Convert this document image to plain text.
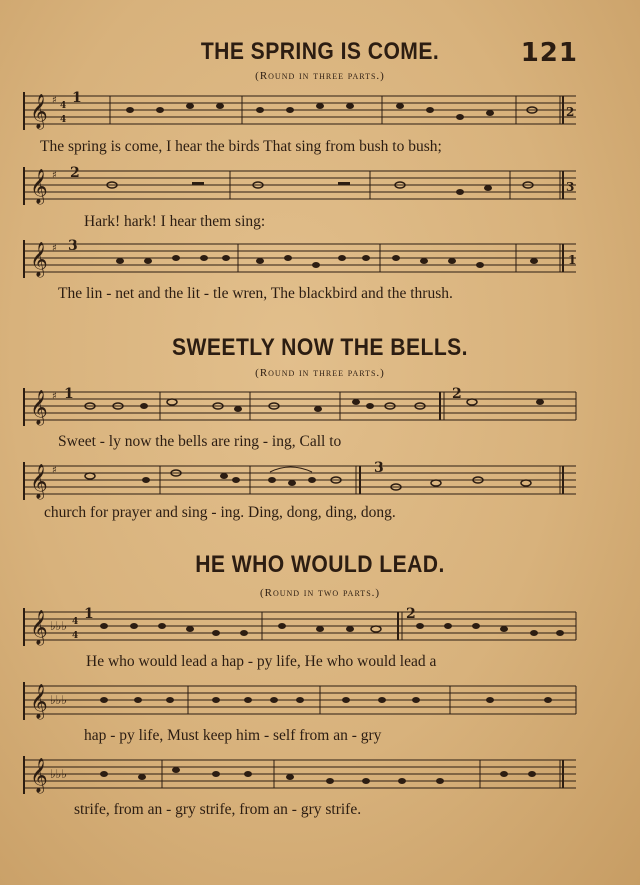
121
THE SPRING IS COME.
(Round in three parts.)
𝄞 ♯ 4
4
1
2
The spring is come, I hear the birds That sing from bush to bush;
𝄞 ♯ 2
3
Hark! hark! I hear them sing:
𝄞 ♯ 3
1
The lin - net and the lit - tle wren, The blackbird and the thrush.
SWEETLY NOW THE BELLS.
(Round in three parts.)
𝄞 ♯ 1	2
Sweet - ly now the bells are ring - ing, Call to
𝄞 ♯	3
church for prayer and sing - ing. Ding, dong, ding, dong.
HE WHO WOULD LEAD.
(Round in two parts.)
𝄞 ♭♭♭ 4
4
1	2
He who would lead a hap - py life, He who would lead a
𝄞 ♭♭♭
hap - py life, Must keep him - self from an - gry
𝄞 ♭♭♭
strife, from an - gry strife, from an - gry strife.
